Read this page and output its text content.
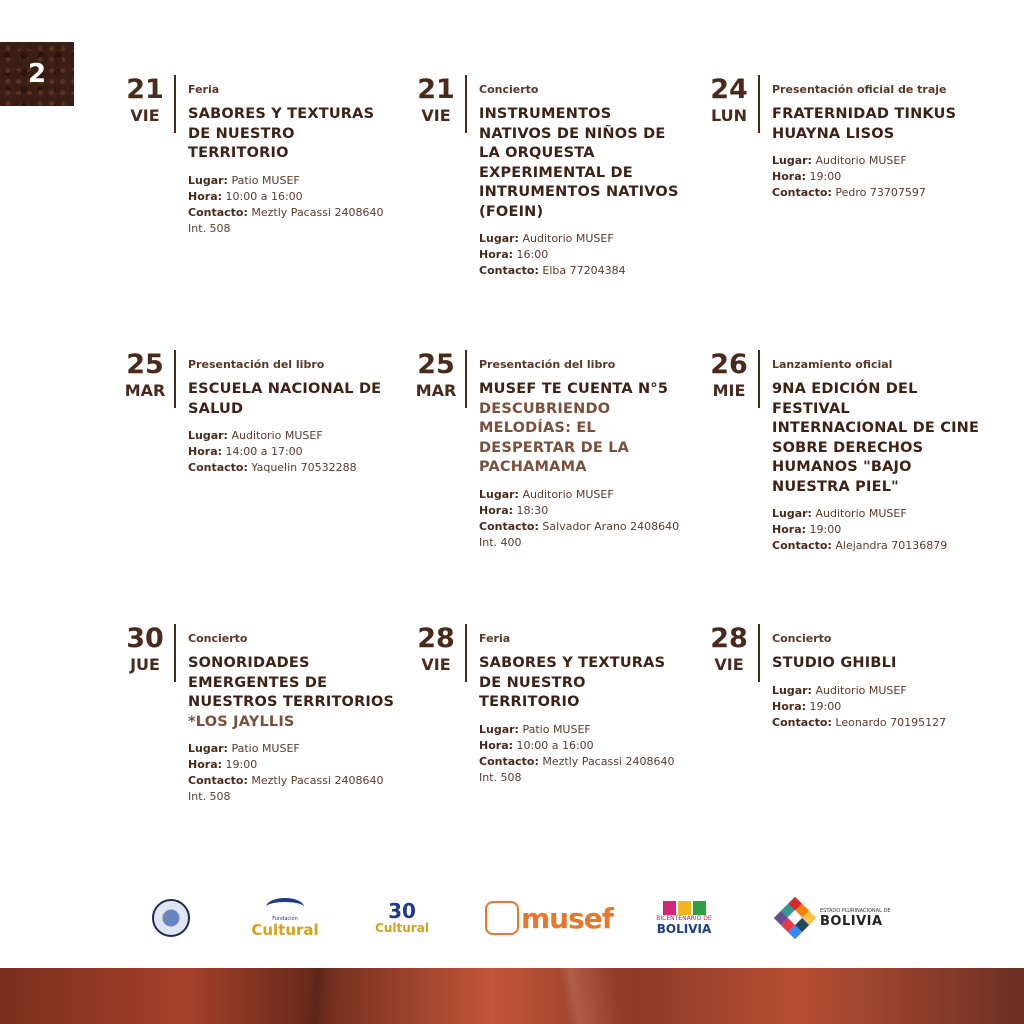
2	21
VIE
Feria
SABORES Y TEXTURAS DE NUESTRO TERRITORIO
Lugar: Patio MUSEF
Hora: 10:00 a 16:00
Contacto: Meztly Pacassi 2408640 Int. 508
21
VIE
Concierto
INSTRUMENTOS NATIVOS DE NIÑOS DE LA ORQUESTA EXPERIMENTAL DE INTRUMENTOS NATIVOS (FOEIN)
Lugar: Auditorio MUSEF
Hora: 16:00
Contacto: Elba 77204384
24
LUN
Presentación oficial de traje
FRATERNIDAD TINKUS HUAYNA LISOS
Lugar: Auditorio MUSEF
Hora: 19:00
Contacto: Pedro 73707597
25
MAR
Presentación del libro
ESCUELA NACIONAL DE SALUD
Lugar: Auditorio MUSEF
Hora: 14:00 a 17:00
Contacto: Yaquelin 70532288
25
MAR
Presentación del libro
MUSEF TE CUENTA N°5
DESCUBRIENDO MELODÍAS: EL DESPERTAR DE LA PACHAMAMA
Lugar: Auditorio MUSEF
Hora: 18:30
Contacto: Salvador Arano 2408640 Int. 400
26
MIE
Lanzamiento oficial
9NA EDICIÓN DEL FESTIVAL INTERNACIONAL DE CINE SOBRE DERECHOS HUMANOS "BAJO NUESTRA PIEL"
Lugar: Auditorio MUSEF
Hora: 19:00
Contacto: Alejandra 70136879
30
JUE
Concierto
SONORIDADES EMERGENTES DE NUESTROS TERRITORIOS
*LOS JAYLLIS
Lugar: Patio MUSEF
Hora: 19:00
Contacto: Meztly Pacassi 2408640 Int. 508
28
VIE
Feria
SABORES Y TEXTURAS DE NUESTRO TERRITORIO
Lugar: Patio MUSEF
Hora: 10:00 a 16:00
Contacto: Meztly Pacassi 2408640 Int. 508
28
VIE
Concierto
STUDIO GHIBLI
Lugar: Auditorio MUSEF
Hora: 19:00
Contacto: Leonardo 70195127
Fundación
Cultural
30
Cultural	musef	BICENTENARIO DE
BOLIVIA
ESTADO PLURINACIONAL DE
BOLIVIA
